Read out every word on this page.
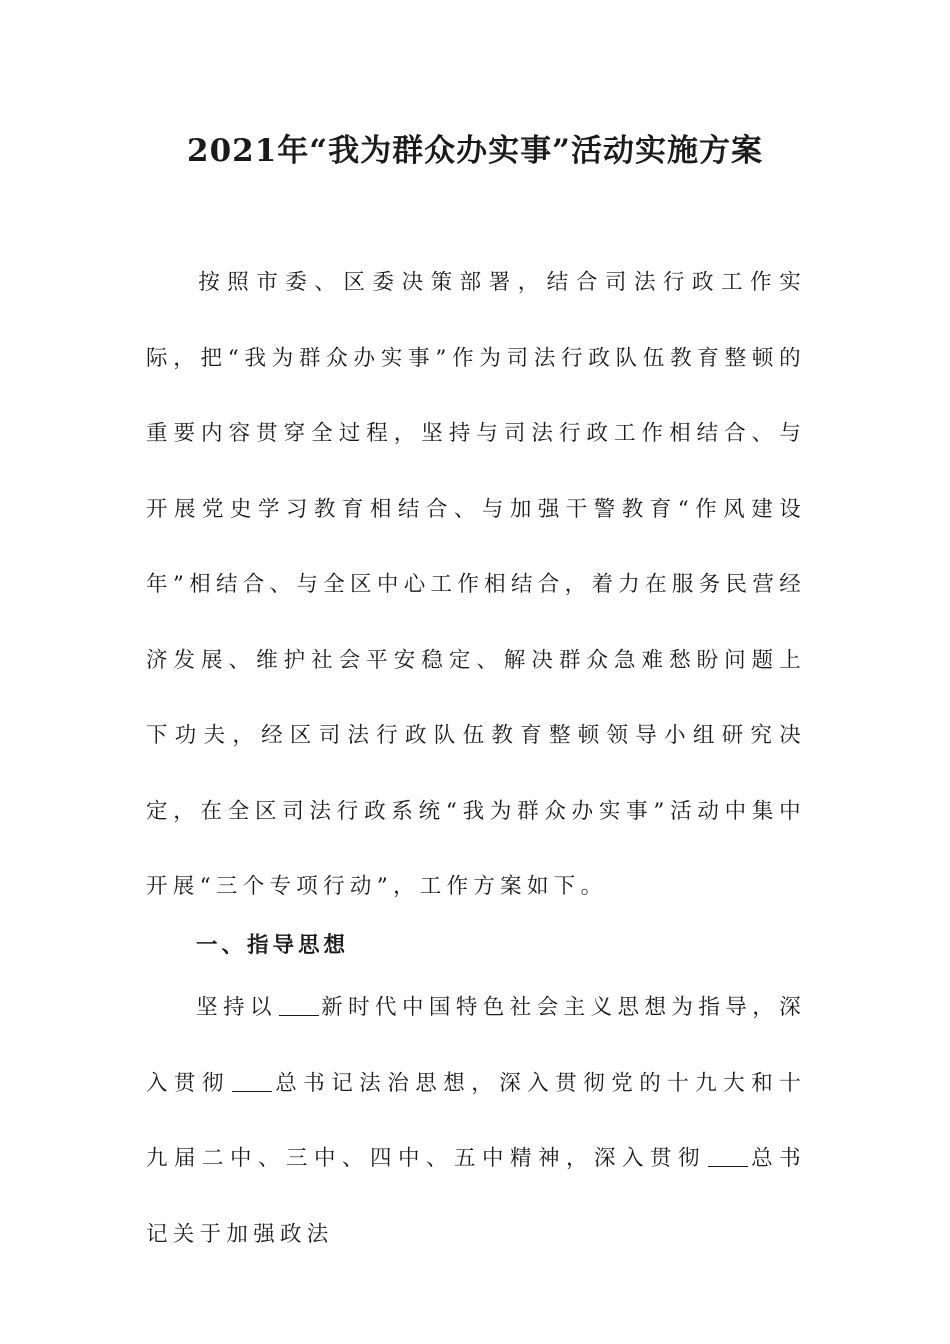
2021年“我为群众办实事”活动实施方案

按照市委、区委决策部署，结合司法行政工作实际，把“我为群众办实事”作为司法行政队伍教育整顿的重要内容贯穿全过程，坚持与司法行政工作相结合、与开展党史学习教育相结合、与加强干警教育“作风建设年”相结合、与全区中心工作相结合，着力在服务民营经济发展、维护社会平安稳定、解决群众急难愁盼问题上下功夫，经区司法行政队伍教育整顿领导小组研究决定，在全区司法行政系统“我为群众办实事”活动中集中开展“三个专项行动”，工作方案如下。

一、指导思想

坚持以 新时代中国特色社会主义思想为指导，深入贯彻 总书记法治思想，深入贯彻党的十九大和十九届二中、三中、四中、五中精神，深入贯彻 总书记关于加强政法
